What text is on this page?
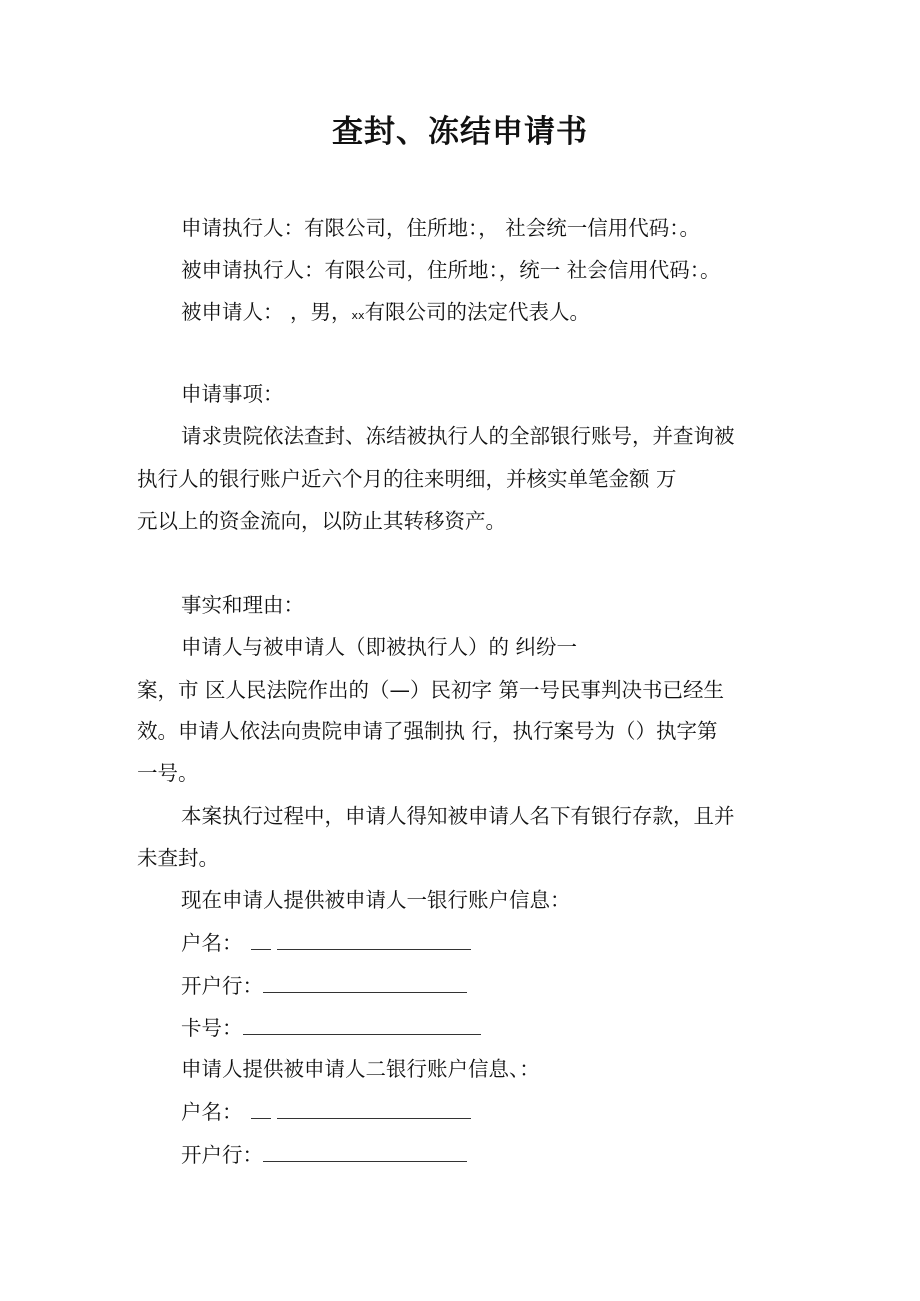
查封、冻结申请书
申请执行人：有限公司，住所地：， 社会统一信用代码：。
被申请执行人：有限公司，住所地：，统一 社会信用代码：。
被申请人： ，男，xx有限公司的法定代表人。
申请事项：
请求贵院依法查封、冻结被执行人的全部银行账号，并查询被
执行人的银行账户近六个月的往来明细，并核实单笔金额 万
元以上的资金流向，以防止其转移资产。
事实和理由：
申请人与被申请人（即被执行人）的 纠纷一
案，市 区人民法院作出的（—）民初字 第一号民事判决书已经生
效。申请人依法向贵院申请了强制执 行，执行案号为（）执字第
一号。
本案执行过程中，申请人得知被申请人名下有银行存款，且并
未查封。
现在申请人提供被申请人一银行账户信息：
户名：
开户行：
卡号：
申请人提供被申请人二银行账户信息、：
户名：
开户行：
